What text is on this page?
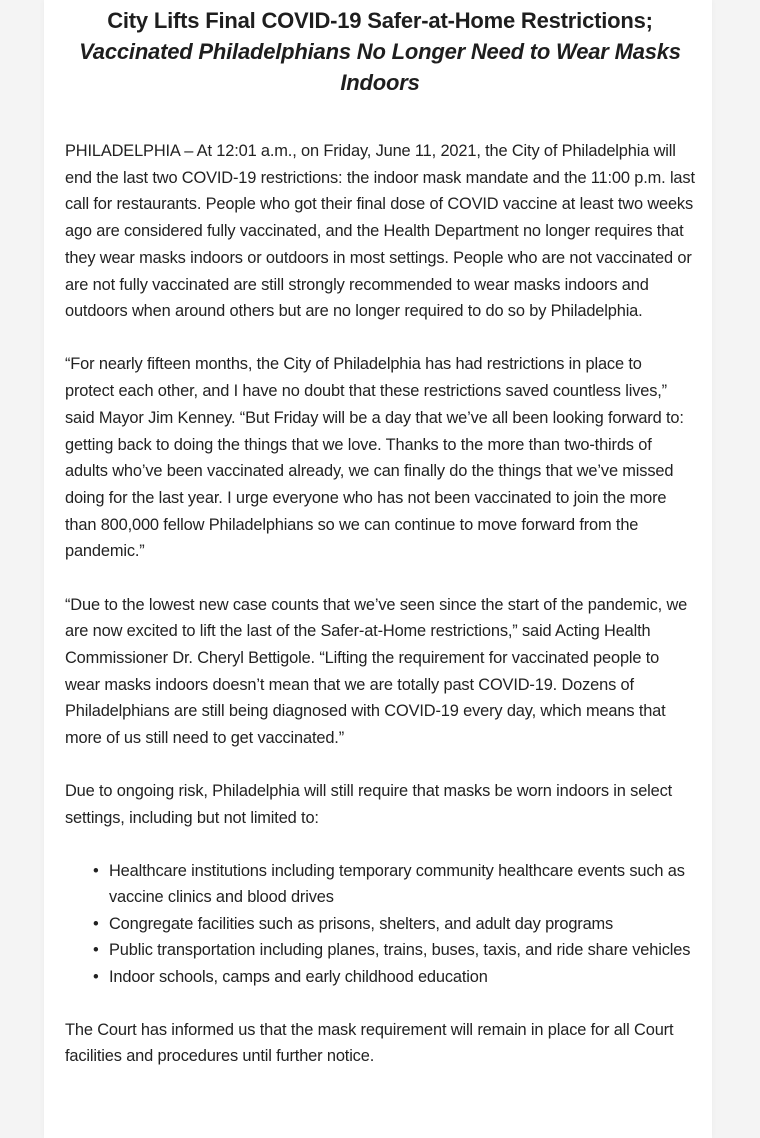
City Lifts Final COVID-19 Safer-at-Home Restrictions;
Vaccinated Philadelphians No Longer Need to Wear Masks Indoors

PHILADELPHIA – At 12:01 a.m., on Friday, June 11, 2021, the City of Philadelphia will end the last two COVID-19 restrictions: the indoor mask mandate and the 11:00 p.m. last call for restaurants. People who got their final dose of COVID vaccine at least two weeks ago are considered fully vaccinated, and the Health Department no longer requires that they wear masks indoors or outdoors in most settings. People who are not vaccinated or are not fully vaccinated are still strongly recommended to wear masks indoors and outdoors when around others but are no longer required to do so by Philadelphia.

“For nearly fifteen months, the City of Philadelphia has had restrictions in place to protect each other, and I have no doubt that these restrictions saved countless lives,” said Mayor Jim Kenney. “But Friday will be a day that we’ve all been looking forward to: getting back to doing the things that we love. Thanks to the more than two-thirds of adults who’ve been vaccinated already, we can finally do the things that we’ve missed doing for the last year. I urge everyone who has not been vaccinated to join the more than 800,000 fellow Philadelphians so we can continue to move forward from the pandemic.”

“Due to the lowest new case counts that we’ve seen since the start of the pandemic, we are now excited to lift the last of the Safer-at-Home restrictions,” said Acting Health Commissioner Dr. Cheryl Bettigole. “Lifting the requirement for vaccinated people to wear masks indoors doesn’t mean that we are totally past COVID-19. Dozens of Philadelphians are still being diagnosed with COVID-19 every day, which means that more of us still need to get vaccinated.”

Due to ongoing risk, Philadelphia will still require that masks be worn indoors in select settings, including but not limited to:

• Healthcare institutions including temporary community healthcare events such as vaccine clinics and blood drives
• Congregate facilities such as prisons, shelters, and adult day programs
• Public transportation including planes, trains, buses, taxis, and ride share vehicles
• Indoor schools, camps and early childhood education

The Court has informed us that the mask requirement will remain in place for all Court facilities and procedures until further notice.
